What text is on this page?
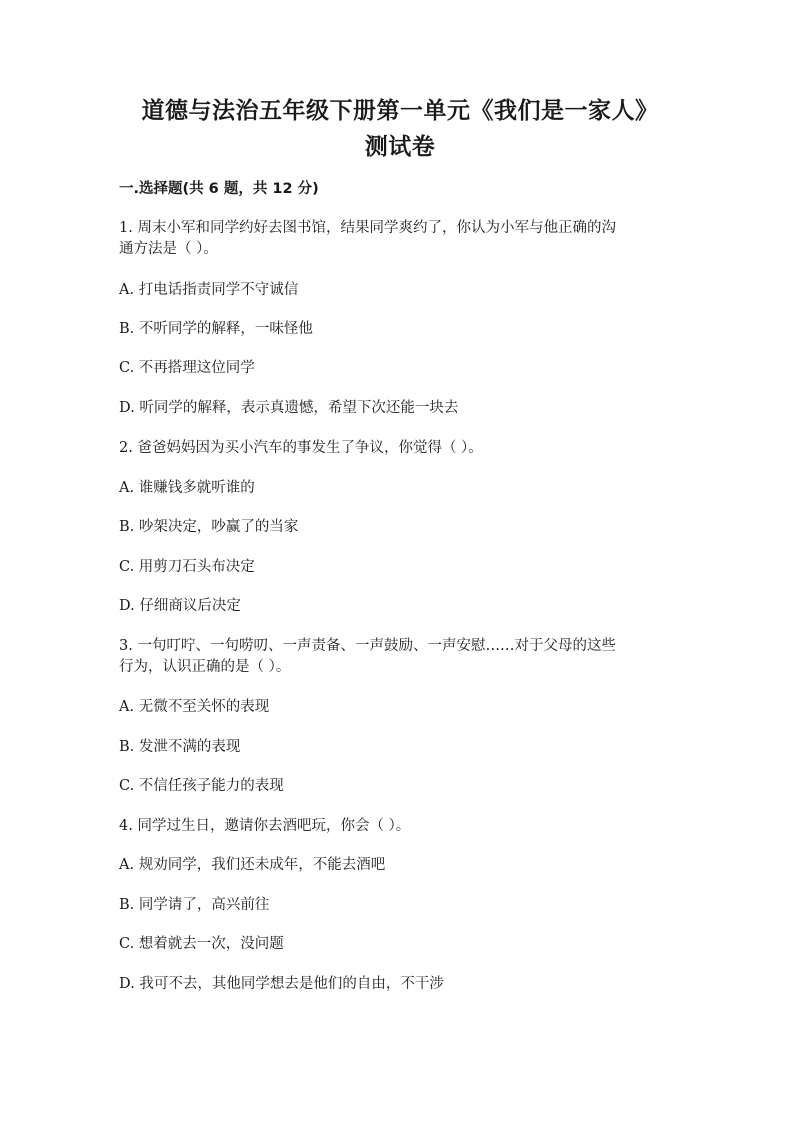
道德与法治五年级下册第一单元《我们是一家人》
测试卷
一.选择题(共 6 题，共 12 分)
1. 周末小军和同学约好去图书馆，结果同学爽约了，你认为小军与他正确的沟
通方法是（ ）。
A. 打电话指责同学不守诚信
B. 不听同学的解释，一味怪他
C. 不再搭理这位同学
D. 听同学的解释，表示真遗憾，希望下次还能一块去
2. 爸爸妈妈因为买小汽车的事发生了争议，你觉得（ ）。
A. 谁赚钱多就听谁的
B. 吵架决定，吵赢了的当家
C. 用剪刀石头布决定
D. 仔细商议后决定
3. 一句叮咛、一句唠叨、一声责备、一声鼓励、一声安慰……对于父母的这些
行为，认识正确的是（ ）。
A. 无微不至关怀的表现
B. 发泄不满的表现
C. 不信任孩子能力的表现
4. 同学过生日，邀请你去酒吧玩，你会（ ）。
A. 规劝同学，我们还未成年，不能去酒吧
B. 同学请了，高兴前往
C. 想着就去一次，没问题
D. 我可不去，其他同学想去是他们的自由，不干涉
